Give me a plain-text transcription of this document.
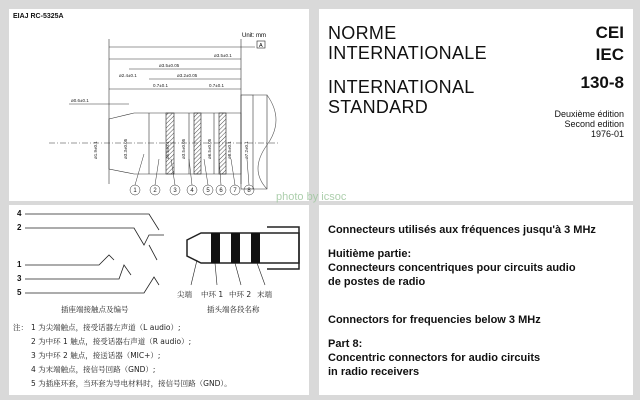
EIAJ RC-5325A
Unit: mm
A
ø3.5±0.1
ø3.5±0.05
ø2.4±0.1
0.7±0.1	0.7±0.1
ø0.6±0.1
ø3.2±0.05
ø1.9±0.1	ø3.3±0.05	ø3.5±0.05	ø6.5±0.05	ø8.5±0.1	ø7.2±0.1
ø5.5±0.1
1	2	3 4 5 6 7 8
NORME
INTERNATIONALE
INTERNATIONAL
STANDARD
CEI
IEC
130-8
Deuxième édition
Second edition
1976-01
4
2
1
3
5	尖端 中环 1 中环 2 末端
插座端接触点及编号	插头端各段名称
注： 1 为尖端触点，接受话器左声道（L audio）;
2 为中环 1 触点，接受话器右声道（R audio）;
3 为中环 2 触点，接送话器（MIC+）;
4 为末端触点，接信号回路（GND）;
5 为插座环套，当环套为导电材料时，接信号回路（GND）。
Connecteurs utilisés aux fréquences jusqu'à 3 MHz
Huitième partie:
Connecteurs concentriques pour circuits audio
de postes de radio
Connectors for frequencies below 3 MHz
Part 8:
Concentric connectors for audio circuits
in radio receivers
photo by icsoc
